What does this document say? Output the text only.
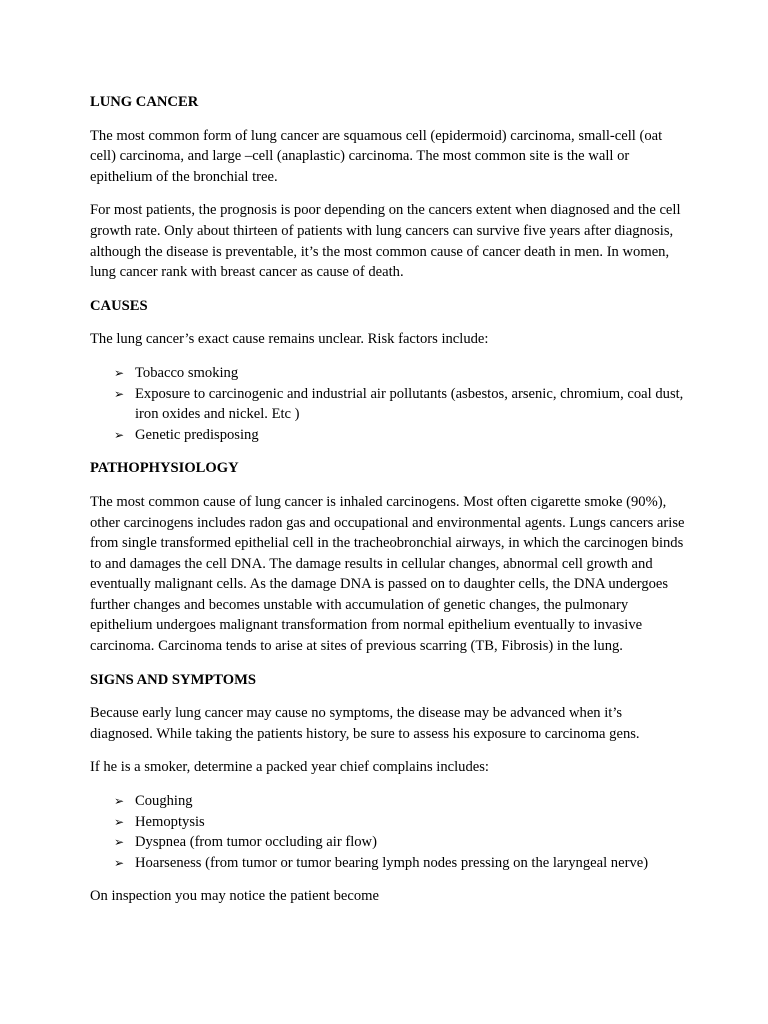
LUNG CANCER

The most common form of lung cancer are squamous cell (epidermoid) carcinoma, small-cell (oat cell) carcinoma, and large –cell (anaplastic) carcinoma. The most common site is the wall or epithelium of the bronchial tree.

For most patients, the prognosis is poor depending on the cancers extent when diagnosed and the cell growth rate. Only about thirteen of patients with lung cancers can survive five years after diagnosis, although the disease is preventable, it’s the most common cause of cancer death in men. In women, lung cancer rank with breast cancer as cause of death.

CAUSES

The lung cancer’s exact cause remains unclear. Risk factors include:

➢ Tobacco smoking
➢ Exposure to carcinogenic and industrial air pollutants (asbestos, arsenic, chromium, coal dust, iron oxides and nickel. Etc )
➢ Genetic predisposing
PATHOPHYSIOLOGY

The most common cause of lung cancer is inhaled carcinogens. Most often cigarette smoke (90%), other carcinogens includes radon gas and occupational and environmental agents. Lungs cancers arise from single transformed epithelial cell in the tracheobronchial airways, in which the carcinogen binds to and damages the cell DNA. The damage results in cellular changes, abnormal cell growth and eventually malignant cells. As the damage DNA is passed on to daughter cells, the DNA undergoes further changes and becomes unstable with accumulation of genetic changes, the pulmonary epithelium undergoes malignant transformation from normal epithelium eventually to invasive carcinoma. Carcinoma tends to arise at sites of previous scarring (TB, Fibrosis) in the lung.

SIGNS AND SYMPTOMS

Because early lung cancer may cause no symptoms, the disease may be advanced when it’s diagnosed. While taking the patients history, be sure to assess his exposure to carcinoma gens.

If he is a smoker, determine a packed year chief complains includes:

➢ Coughing
➢ Hemoptysis
➢ Dyspnea (from tumor occluding air flow)
➢ Hoarseness (from tumor or tumor bearing lymph nodes pressing on the laryngeal nerve)

On inspection you may notice the patient become
